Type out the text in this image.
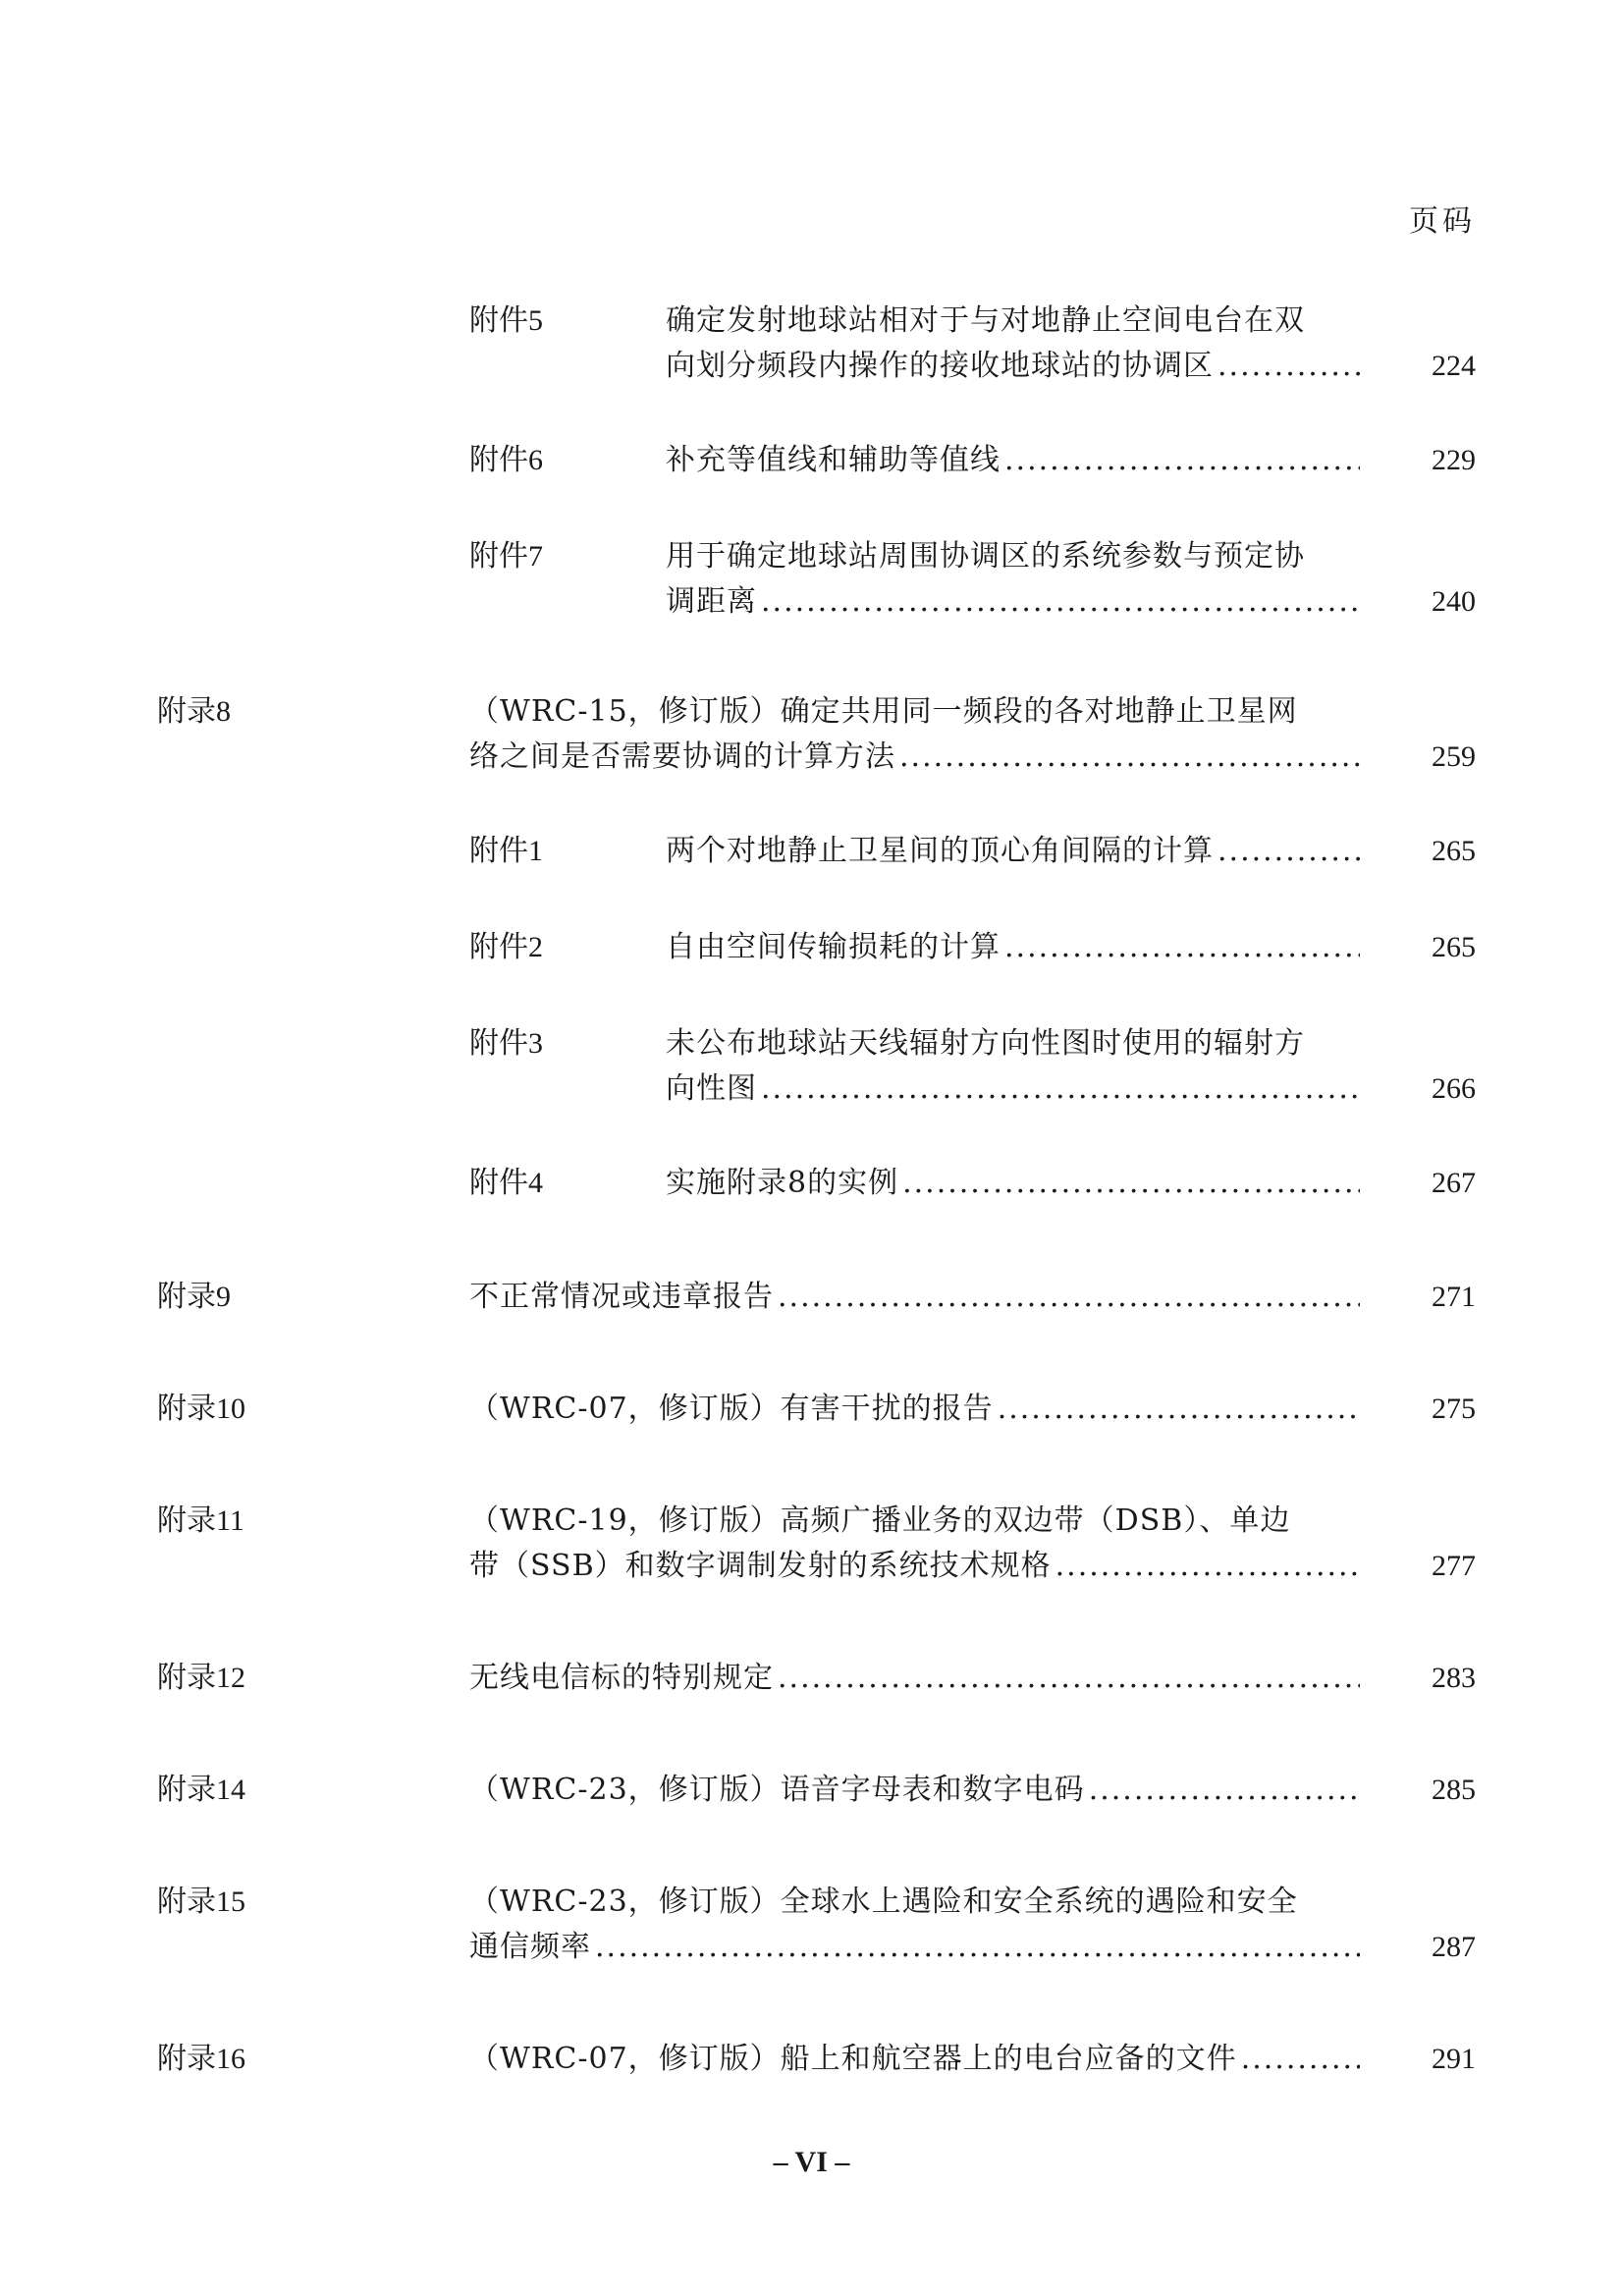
页码
附件5	确定发射地球站相对于与对地静止空间电台在双
向划分频段内操作的接收地球站的协调区 .....	224
附件6	补充等值线和辅助等值线 .....	229
附件7	用于确定地球站周围协调区的系统参数与预定协
调距离 .....	240
附录8	（WRC-15，修订版）确定共用同一频段的各对地静止卫星网
络之间是否需要协调的计算方法 .....	259
附件1	两个对地静止卫星间的顶心角间隔的计算 .....	265
附件2	自由空间传输损耗的计算 .....	265
附件3	未公布地球站天线辐射方向性图时使用的辐射方
向性图 .....	266
附件4	实施附录8的实例 .....	267
附录9	不正常情况或违章报告 .....	271
附录10	（WRC-07，修订版）有害干扰的报告 .....	275
附录11	（WRC-19，修订版）高频广播业务的双边带（DSB）、单边
带（SSB）和数字调制发射的系统技术规格 .....	277
附录12	无线电信标的特别规定 .....	283
附录14	（WRC-23，修订版）语音字母表和数字电码 .....	285
附录15	（WRC-23，修订版）全球水上遇险和安全系统的遇险和安全
通信频率 .....	287
附录16	（WRC-07，修订版）船上和航空器上的电台应备的文件 .....	291
– VI –
